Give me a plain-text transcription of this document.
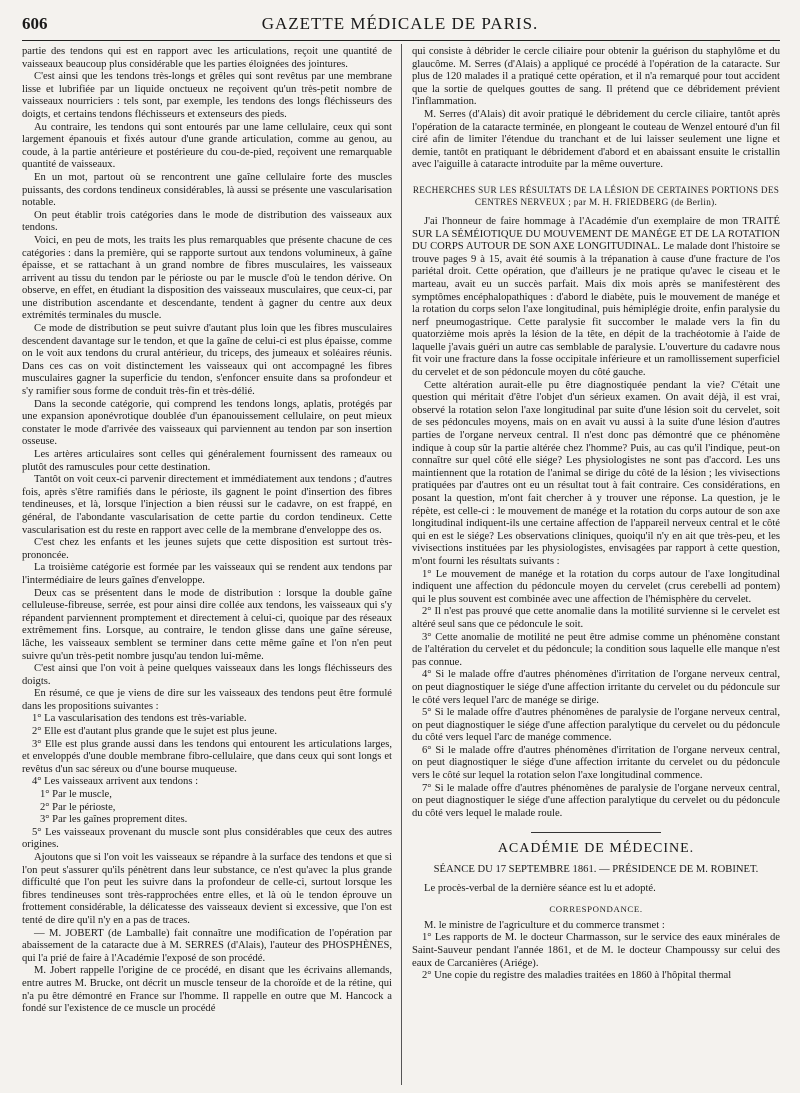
606	GAZETTE MÉDICALE DE PARIS.

partie des tendons qui est en rapport avec les articulations, reçoit une quantité de vaisseaux beaucoup plus considérable que les parties éloignées des jointures.

C'est ainsi que les tendons très-longs et grêles qui sont revêtus par une membrane lisse et lubrifiée par un liquide onctueux ne reçoivent qu'un très-petit nombre de vaisseaux nourriciers : tels sont, par exemple, les tendons des longs fléchisseurs des doigts, et certains tendons fléchisseurs et extenseurs des pieds.

Au contraire, les tendons qui sont entourés par une lame cellulaire, ceux qui sont largement épanouis et fixés autour d'une grande articulation, comme au genou, au coude, à la partie antérieure et postérieure du cou-de-pied, reçoivent une remarquable quantité de vaisseaux.

En un mot, partout où se rencontrent une gaîne cellulaire forte des muscles puissants, des cordons tendineux considérables, là aussi se présente une vascularisation notable.

On peut établir trois catégories dans le mode de distribution des vaisseaux aux tendons.

Voici, en peu de mots, les traits les plus remarquables que présente chacune de ces catégories : dans la première, qui se rapporte surtout aux tendons volumineux, à gaîne épaisse, et se rattachant à un grand nombre de fibres musculaires, les vaisseaux arrivent au tissu du tendon par le périoste ou par le muscle d'où le tendon dérive. On observe, en effet, en étudiant la disposition des vaisseaux musculaires, que ceux-ci, par une distribution ascendante et descendante, tendent à gagner du centre aux deux extrémités terminales du muscle.

Ce mode de distribution se peut suivre d'autant plus loin que les fibres musculaires descendent davantage sur le tendon, et que la gaîne de celui-ci est plus épaisse, comme on le voit aux tendons du crural antérieur, du triceps, des jumeaux et soléaires réunis. Dans ces cas on voit distinctement les vaisseaux qui ont accompagné les fibres musculaires gagner la superficie du tendon, s'enfoncer ensuite dans sa profondeur et s'y ramifier sous forme de conduit très-fin et très-délié.

Dans la seconde catégorie, qui comprend les tendons longs, aplatis, protégés par une expansion aponévrotique doublée d'un épanouissement cellulaire, on peut mieux constater le mode d'arrivée des vaisseaux qui parviennent au tendon par son insertion osseuse.

Les artères articulaires sont celles qui généralement fournissent des rameaux ou plutôt des ramuscules pour cette destination.

Tantôt on voit ceux-ci parvenir directement et immédiatement aux tendons ; d'autres fois, après s'être ramifiés dans le périoste, ils gagnent le point d'insertion des fibres tendineuses, et là, lorsque l'injection a bien réussi sur le cadavre, on est frappé, en général, de l'abondante vascularisation de cette partie du cordon tendineux. Cette vascularisation est du reste en rapport avec celle de la membrane d'enveloppe des os.

C'est chez les enfants et les jeunes sujets que cette disposition est surtout très-prononcée.

La troisième catégorie est formée par les vaisseaux qui se rendent aux tendons par l'intermédiaire de leurs gaînes d'enveloppe.

Deux cas se présentent dans le mode de distribution : lorsque la double gaîne celluleuse-fibreuse, serrée, est pour ainsi dire collée aux tendons, les vaisseaux qui s'y répandent parviennent promptement et directement à celui-ci, quoique par des réseaux extrêmement fins. Lorsque, au contraire, le tendon glisse dans une gaîne séreuse, lâche, les vaisseaux semblent se terminer dans cette même gaîne et l'on n'en peut suivre qu'un très-petit nombre jusqu'au tendon lui-même.

C'est ainsi que l'on voit à peine quelques vaisseaux dans les longs fléchisseurs des doigts.

En résumé, ce que je viens de dire sur les vaisseaux des tendons peut être formulé dans les propositions suivantes :

1° La vascularisation des tendons est très-variable.

2° Elle est d'autant plus grande que le sujet est plus jeune.

3° Elle est plus grande aussi dans les tendons qui entourent les articulations larges, et enveloppés d'une double membrane fibro-cellulaire, que dans ceux qui sont longs et revêtus d'un sac séreux ou d'une bourse muqueuse.

4° Les vaisseaux arrivent aux tendons :

1° Par le muscle,

2° Par le périoste,

3° Par les gaînes proprement dites.

5° Les vaisseaux provenant du muscle sont plus considérables que ceux des autres origines.

Ajoutons que si l'on voit les vaisseaux se répandre à la surface des tendons et que si l'on peut s'assurer qu'ils pénètrent dans leur substance, ce n'est qu'avec la plus grande difficulté que l'on peut les suivre dans la profondeur de celle-ci, surtout lorsque les fibres tendineuses sont très-rapprochées entre elles, et là où le tendon éprouve un frottement considérable, la délicatesse des vaisseaux devient si excessive, que l'on est tenté de dire qu'il n'y en a pas de traces.

— M. JOBERT (de Lamballe) fait connaître une modification de l'opération par abaissement de la cataracte due à M. SERRES (d'Alais), l'auteur des PHOSPHÈNES, qui l'a prié de faire à l'Académie l'exposé de son procédé.

M. Jobert rappelle l'origine de ce procédé, en disant que les écrivains allemands, entre autres M. Brucke, ont décrit un muscle tenseur de la choroïde et de la rétine, qui n'a pu être démontré en France sur l'homme. Il rappelle en outre que M. Hancock a fondé sur l'existence de ce muscle un procédé

qui consiste à débrider le cercle ciliaire pour obtenir la guérison du staphylôme et du glaucôme. M. Serres (d'Alais) a appliqué ce procédé à l'opération de la cataracte. Sur plus de 120 malades il a pratiqué cette opération, et il n'a remarqué pour tout accident que la sortie de quelques gouttes de sang. Il prétend que ce débridement prévient l'inflammation.

M. Serres (d'Alais) dit avoir pratiqué le débridement du cercle ciliaire, tantôt après l'opération de la cataracte terminée, en plongeant le couteau de Wenzel entouré d'un fil ciré afin de limiter l'étendue du tranchant et de lui laisser seulement une ligne et demie, tantôt en pratiquant le débridement d'abord et en abaissant ensuite le cristallin avec l'aiguille à cataracte introduite par la même ouverture.

RECHERCHES SUR LES RÉSULTATS DE LA LÉSION DE CERTAINES PORTIONS DES CENTRES NERVEUX ; par M. H. FRIEDBERG (de Berlin).

J'ai l'honneur de faire hommage à l'Académie d'un exemplaire de mon TRAITÉ SUR LA SÉMÉIOTIQUE DU MOUVEMENT DE MANÉGE ET DE LA ROTATION DU CORPS AUTOUR DE SON AXE LONGITUDINAL. Le malade dont l'histoire se trouve pages 9 à 15, avait été soumis à la trépanation à cause d'une fracture de l'os pariétal droit. Cette opération, que d'ailleurs je ne pratique qu'avec le ciseau et le marteau, avait eu un succès parfait. Mais dix mois après se manifestèrent des symptômes encéphalopathiques : d'abord le diabète, puis le mouvement de manége et la rotation du corps selon l'axe longitudinal, puis hémiplégie droite, enfin paralysie du nerf pneumogastrique. Cette paralysie fit succomber le malade vers la fin du quatorzième mois après la lésion de la tête, en dépit de la trachéotomie à l'aide de laquelle j'avais guéri un autre cas semblable de paralysie. L'ouverture du cadavre nous fit voir une fracture dans la fosse occipitale inférieure et un ramollissement superficiel du cervelet et de son pédoncule moyen du côté gauche.

Cette altération aurait-elle pu être diagnostiquée pendant la vie? C'était une question qui méritait d'être l'objet d'un sérieux examen. On avait déjà, il est vrai, observé la rotation selon l'axe longitudinal par suite d'une lésion soit du cervelet, soit de ses pédoncules moyens, mais on en avait vu aussi à la suite d'une lésion d'autres parties de l'organe nerveux central. Il n'est donc pas démontré que ce phénomène indique à coup sûr la partie altérée chez l'homme? Puis, au cas qu'il l'indique, peut-on connaître sur quel côté elle siége? Les physiologistes ne sont pas d'accord. Les uns maintiennent que la rotation de l'animal se dirige du côté de la lésion ; les vivisections pratiquées par d'autres ont eu un résultat tout à fait contraire. Ces considérations, en posant la question, m'ont fait chercher à y trouver une réponse. La question, je le répète, est celle-ci : le mouvement de manége et la rotation du corps autour de son axe longitudinal indiquent-ils une certaine affection de l'appareil nerveux central et le côté qui en est le siége? Les observations cliniques, quoiqu'il n'y en ait que très-peu, et les vivisections instituées par les physiologistes, envisagées par rapport à cette question, m'ont fourni les résultats suivants :

1° Le mouvement de manége et la rotation du corps autour de l'axe longitudinal indiquent une affection du pédoncule moyen du cervelet (crus cerebelli ad pontem) qui le plus souvent est combinée avec une affection de l'hémisphère du cervelet.

2° Il n'est pas prouvé que cette anomalie dans la motilité survienne si le cervelet est altéré seul sans que ce pédoncule le soit.

3° Cette anomalie de motilité ne peut être admise comme un phénomène constant de l'altération du cervelet et du pédoncule; la condition sous laquelle elle manque n'est pas connue.

4° Si le malade offre d'autres phénomènes d'irritation de l'organe nerveux central, on peut diagnostiquer le siége d'une affection irritante du cervelet ou du pédoncule sur le côté vers lequel l'arc de manége se dirige.

5° Si le malade offre d'autres phénomènes de paralysie de l'organe nerveux central, on peut diagnostiquer le siége d'une affection paralytique du cervelet ou du pédoncule du côté vers lequel l'arc de manége commence.

6° Si le malade offre d'autres phénomènes d'irritation de l'organe nerveux central, on peut diagnostiquer le siége d'une affection irritante du cervelet ou du pédoncule vers le côté sur lequel la rotation selon l'axe longitudinal commence.

7° Si le malade offre d'autres phénomènes de paralysie de l'organe nerveux central, on peut diagnostiquer le siége d'une affection paralytique du cervelet ou du pédoncule du côté vers lequel le malade roule.

ACADÉMIE DE MÉDECINE.
SÉANCE DU 17 SEPTEMBRE 1861. — PRÉSIDENCE DE M. ROBINET.

Le procès-verbal de la dernière séance est lu et adopté.

CORRESPONDANCE.

M. le ministre de l'agriculture et du commerce transmet :

1° Les rapports de M. le docteur Charmasson, sur le service des eaux minérales de Saint-Sauveur pendant l'année 1861, et de M. le docteur Champoussy sur celui des eaux de Carcanières (Ariége).

2° Une copie du registre des maladies traitées en 1860 à l'hôpital thermal
